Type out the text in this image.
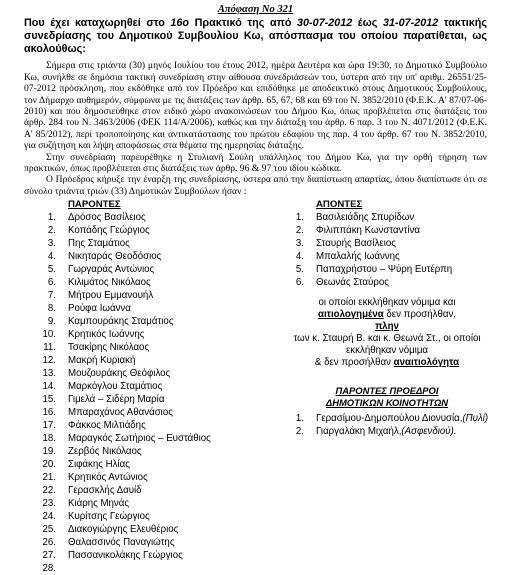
Απόφαση Νο 321
Που έχει καταχωρηθεί στο 16ο Πρακτικό της από 30-07-2012 έως 31-07-2012 τακτικής συνεδρίασης του Δημοτικού Συμβουλίου Κω, απόσπασμα του οποίου παρατίθεται, ως ακολούθως:

Σήμερα στις τριάντα (30) μηνός Ιουλίου του έτους 2012, ημέρα Δευτέρα και ώρα 19:30, το Δημοτικό Συμβούλιο Κω, συνήλθε σε δημόσια τακτική συνεδρίαση στην αίθουσα συνεδριάσεών του, ύστερα από την υπ' αριθμ. 26551/25-07-2012 πρόσκληση, που εκδόθηκε από τον Πρόεδρο και επιδόθηκε με αποδεικτικό στους Δημοτικούς Συμβούλους, τον Δήμαρχο αυθημερόν, σύμφωνα με τις διατάξεις των άρθρ. 65, 67, 68 και 69 του Ν. 3852/2010 (Φ.Ε.Κ. Α' 87/07-06-2010) και που δημοσιεύθηκε στον ειδικό χώρο ανακοινώσεων του Δήμου Κω, όπως προβλέπεται στις διατάξεις του άρθρ. 284 του Ν. 3463/2006 (ΦΕΚ 114/Α/2006), καθώς και την διάταξη του άρθρ. 6 παρ. 3 του Ν. 4071/2012 (Φ.Ε.Κ. Α' 85/2012), περί τροποποίησης και αντικατάστασης του πρώτου εδαφίου της παρ. 4 του άρθρ. 67 του Ν. 3852/2010, για συζήτηση και λήψη αποφάσεως στα θέματα της ημερησίας διάταξης.

Στην συνεδρίαση παρευρέθηκε η Στυλιανή Σούλη υπάλληλος του Δήμου Κω, για την ορθή τήρηση των πρακτικών, όπως προβλέπεται στις διατάξεις των άρθρ. 96 & 97 του ιδίου κώδικα.

Ο Πρόεδρος κήρυξε την έναρξη της συνεδρίασης, ύστερα από την διαπίστωση απαρτίας, όπου διαπίστωσε ότι σε σύνολο τριάντα τριών (33) Δημοτικών Συμβούλων ήσαν :

ΠΑΡΟΝΤΕΣ
1. Δρόσος Βασίλειος
2. Κοπάδης Γεώργιος
3. Πης Σταμάτιος
4. Νικηταράς Θεοδόσιος
5. Γωργαράς Αντώνιος
6. Κιλιμάτος Νικόλαος
7. Μήτρου Εμμανουήλ
8. Ρούφα Ιωάννα
9. Καμπουράκης Σταμάτιος
10. Κρητικός Ιωάννης
11. Τσακίρης Νικόλαος
12. Μακρή Κυριακή
13. Μουζουράκης Θεόφιλος
14. Μαρκόγλου Σταμάτιος
15. Γιμελά – Σιδέρη Μαρία
16. Μπαραχάνος Αθανάσιος
17. Φάκκος Μιλτιάδης
18. Μαραγκός Σωτήριος – Ευστάθιος
19. Ζερβός Νικόλαος
20. Σιφάκης Ηλίας
21. Κρητικός Αντώνιος
22. Γερασκλής Δαυίδ
23. Κιάρης Μηνάς
24. Κυρίτσης Γεώργιος
25. Διακογιώργης Ελευθέριος
26. Θαλασσινός Παναγιώτης
27. Πασσανικολάκης Γεώργιος
28.
ΑΠΟΝΤΕΣ
1. Βασιλειάδης Σπυρίδων
2. Φιλιππάκη Κωνσταντίνα
3. Σταυρής Βασίλειος
4. Μπαλαλής Ιωάννης
5. Παπαχρήστου – Ψύρη Ευτέρπη
6. Θεωνάς Σταύρος
οι οποίοι εκκλήθηκαν νόμιμα και
αιτιολογημένα δεν προσήλθαν,
πλην
των κ. Σταυρή Β. και κ. Θεωνά Στ., οι οποίοι
εκκλήθηκαν νόμιμα
& δεν προσήλθαν αναιτιολόγητα
ΠΑΡΟΝΤΕΣ ΠΡΟΕΔΡΟΙ
ΔΗΜΟΤΙΚΩΝ ΚΟΙΝΟΤΗΤΩΝ
1. Γερασίμου-Δημοπούλου Διονυσία,(Πυλί)
2. Γιαργαλάκη Μιχαήλ,(Ασφενδιού).
